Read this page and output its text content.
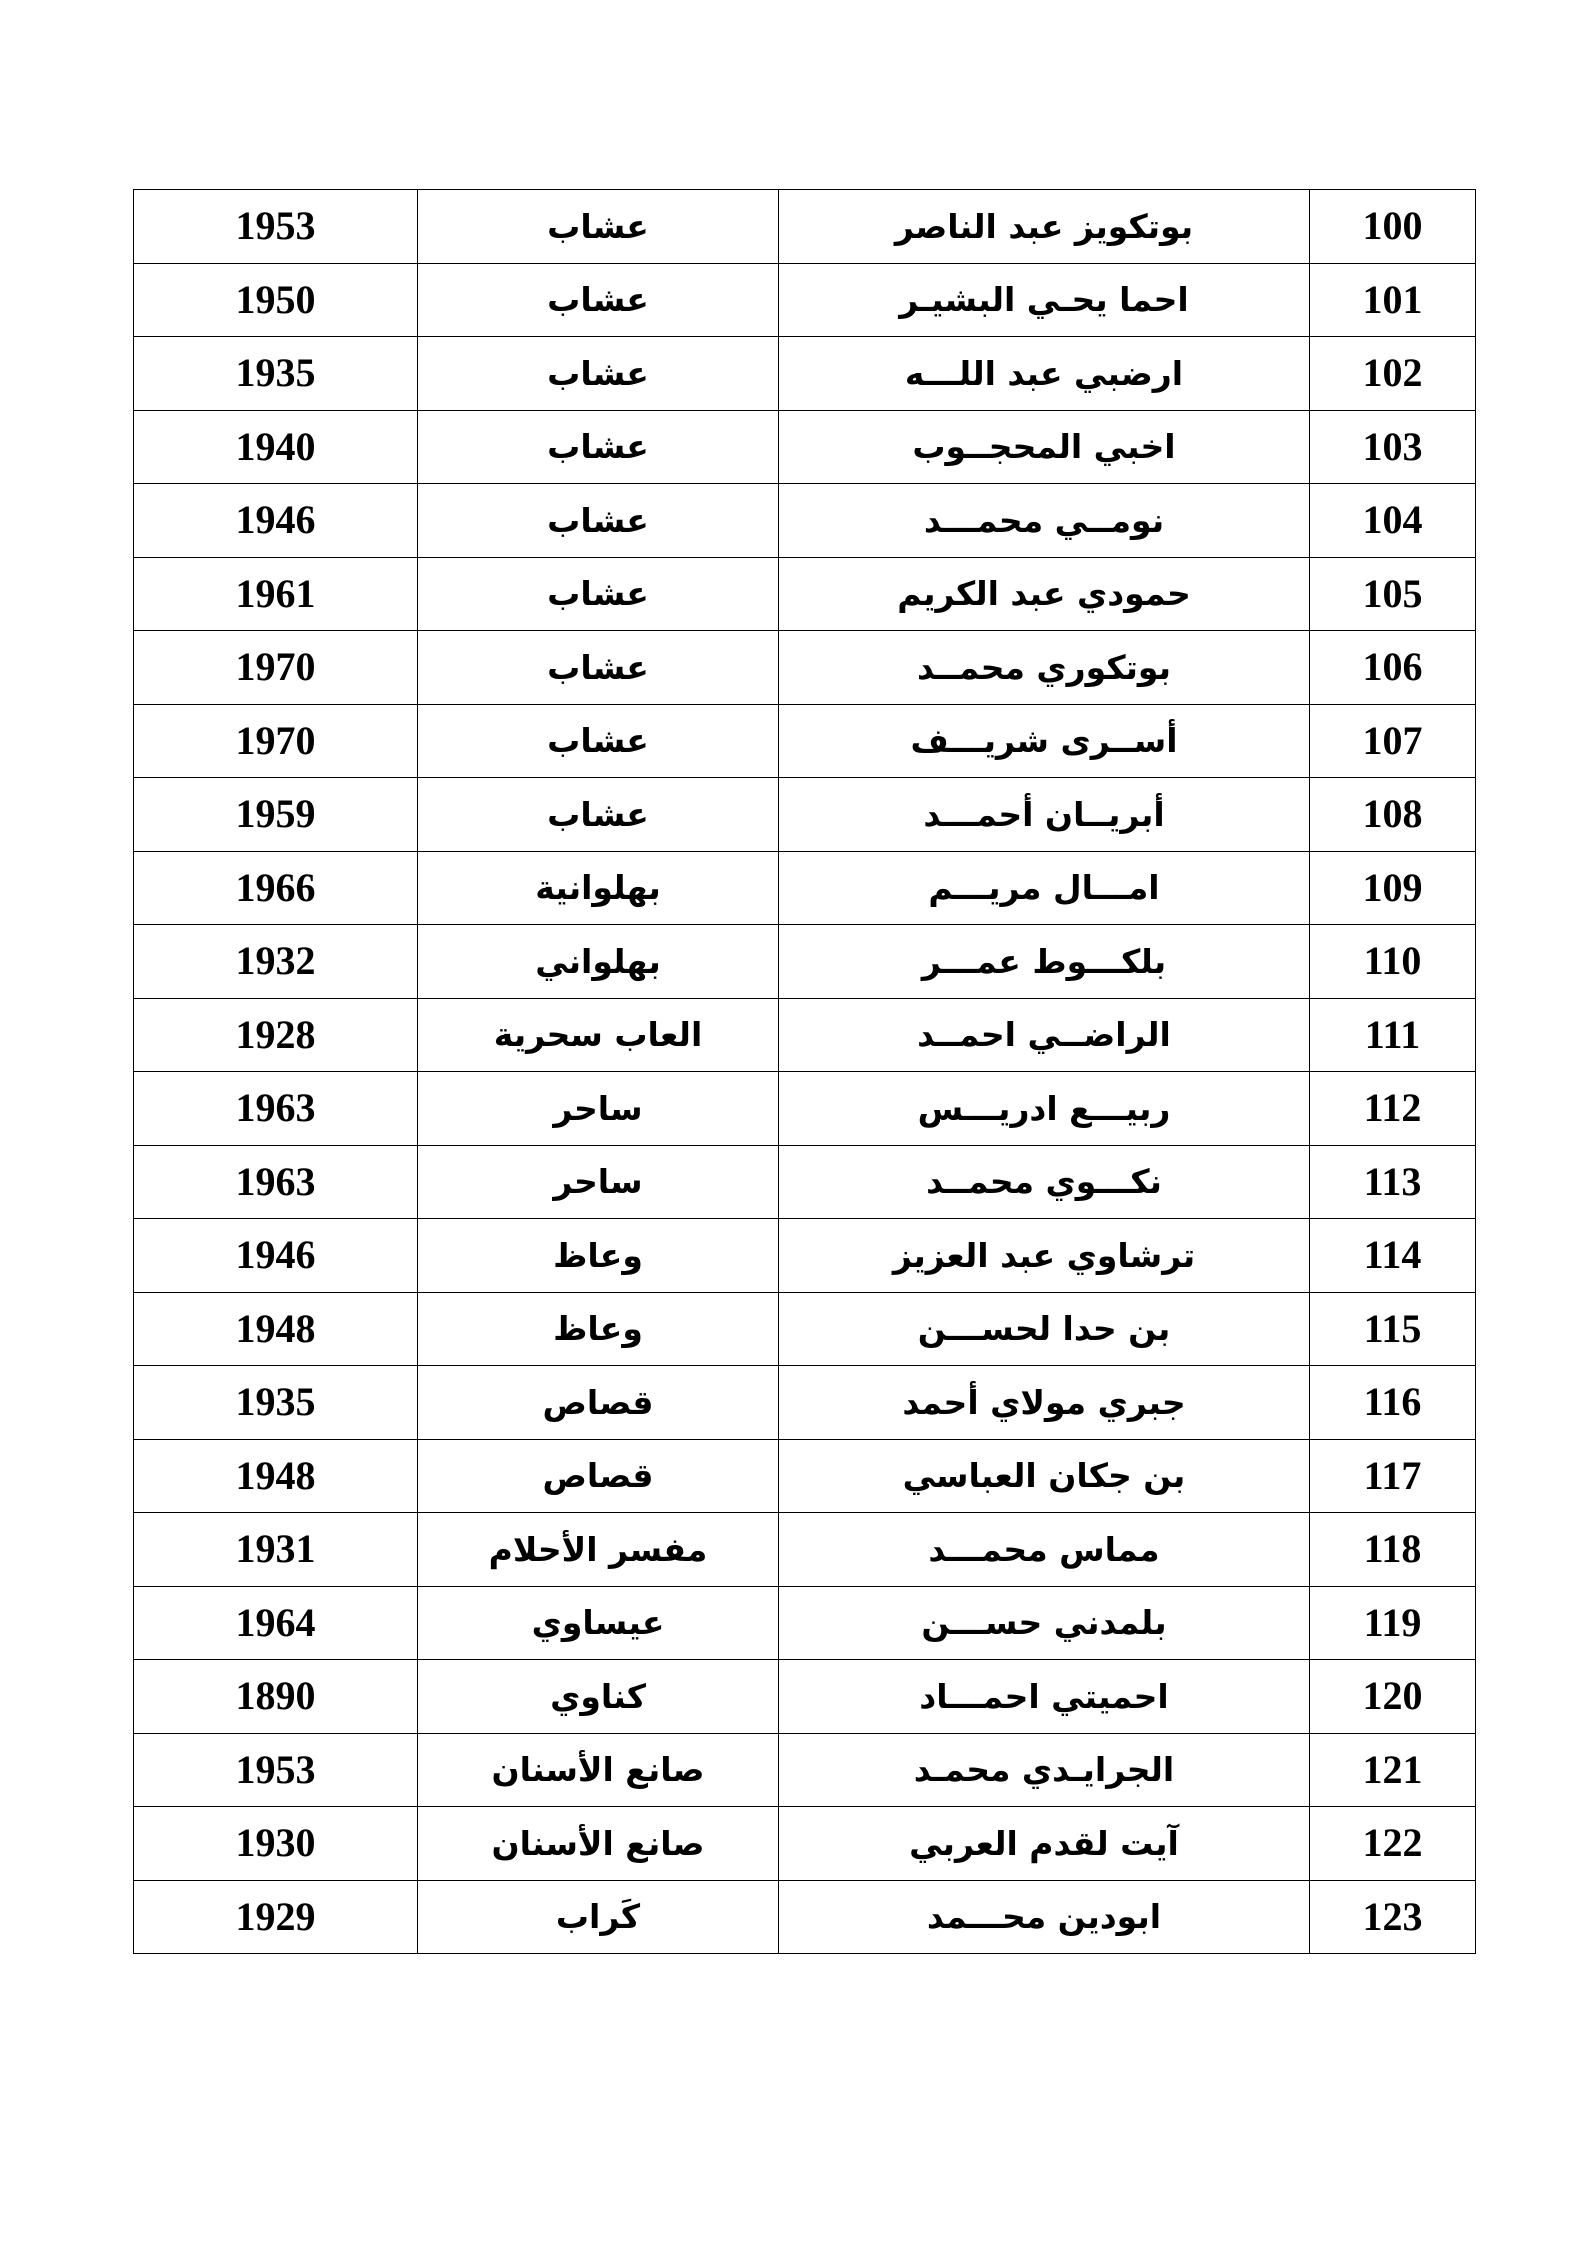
1953	عشاب	بوتكويز عبد الناصر	100
1950	عشاب	احما يحـي البشيـر	101
1935	عشاب	ارضبي عبد اللـــه	102
1940	عشاب	اخبي المحجــوب	103
1946	عشاب	نومــي محمـــد	104
1961	عشاب	حمودي عبد الكريم	105
1970	عشاب	بوتكوري محمــد	106
1970	عشاب	أســرى شريـــف	107
1959	عشاب	أبريــان أحمـــد	108
1966	بهلوانية	امـــال مريـــم	109
1932	بهلواني	بلكـــوط عمـــر	110
1928	العاب سحرية	الراضــي احمــد	111
1963	ساحر	ربيـــع ادريـــس	112
1963	ساحر	نكـــوي محمــد	113
1946	وعاظ	ترشاوي عبد العزيز	114
1948	وعاظ	بن حدا لحســـن	115
1935	قصاص	جبري مولاي أحمد	116
1948	قصاص	بن جكان العباسي	117
1931	مفسر الأحلام	مماس محمـــد	118
1964	عيساوي	بلمدني حســـن	119
1890	كناوي	احميتي احمـــاد	120
1953	صانع الأسنان	الجرايـدي محمـد	121
1930	صانع الأسنان	آيت لقدم العربي	122
1929	كَراب	ابودين محـــمد	123
